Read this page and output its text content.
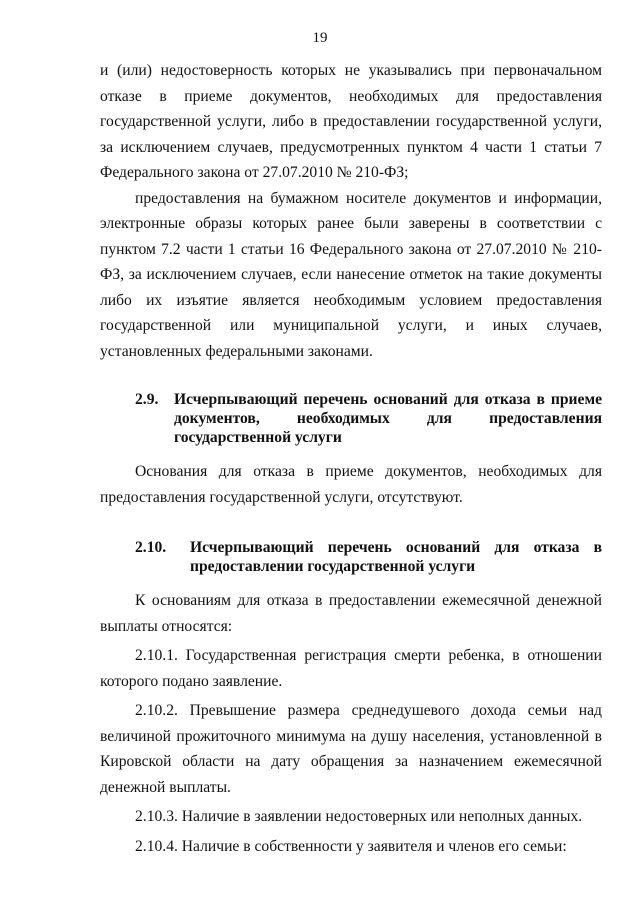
19

и (или) недостоверность которых не указывались при первоначальном отказе в приеме документов, необходимых для предоставления государственной услуги, либо в предоставлении государственной услуги, за исключением случаев, предусмотренных пунктом 4 части 1 статьи 7 Федерального закона от 27.07.2010 № 210-ФЗ;

предоставления на бумажном носителе документов и информации, электронные образы которых ранее были заверены в соответствии с пунктом 7.2 части 1 статьи 16 Федерального закона от 27.07.2010 № 210-ФЗ, за исключением случаев, если нанесение отметок на такие документы либо их изъятие является необходимым условием предоставления государственной или муниципальной услуги, и иных случаев, установленных федеральными законами.

2.9.	Исчерпывающий перечень оснований для отказа в приеме документов, необходимых для предоставления государственной услуги

Основания для отказа в приеме документов, необходимых для предоставления государственной услуги, отсутствуют.

2.10.	Исчерпывающий перечень оснований для отказа в предоставлении государственной услуги

К основаниям для отказа в предоставлении ежемесячной денежной выплаты относятся:

2.10.1. Государственная регистрация смерти ребенка, в отношении которого подано заявление.

2.10.2. Превышение размера среднедушевого дохода семьи над величиной прожиточного минимума на душу населения, установленной в Кировской области на дату обращения за назначением ежемесячной денежной выплаты.

2.10.3. Наличие в заявлении недостоверных или неполных данных.

2.10.4. Наличие в собственности у заявителя и членов его семьи:
